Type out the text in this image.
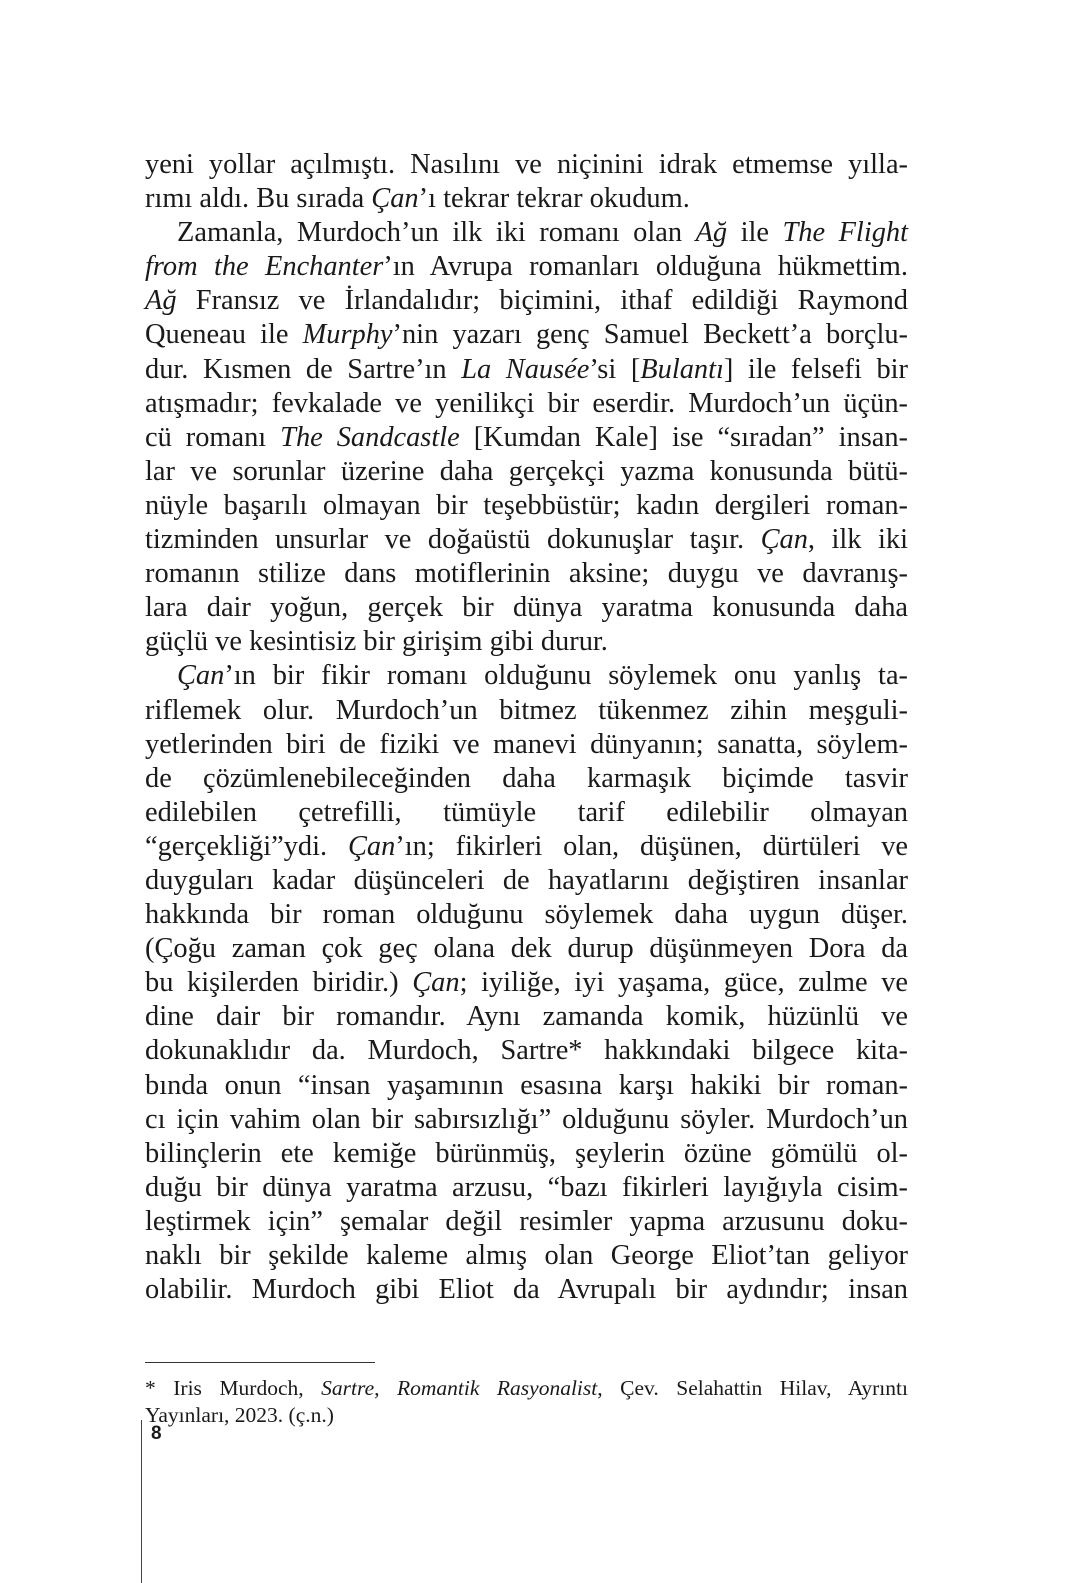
yeni yollar açılmıştı. Nasılını ve niçinini idrak etmemse yılla-
rımı aldı. Bu sırada Çan’ı tekrar tekrar okudum.
Zamanla, Murdoch’un ilk iki romanı olan Ağ ile The Flight
from the Enchanter’ın Avrupa romanları olduğuna hükmettim.
Ağ Fransız ve İrlandalıdır; biçimini, ithaf edildiği Raymond
Queneau ile Murphy’nin yazarı genç Samuel Beckett’a borçlu-
dur. Kısmen de Sartre’ın La Nausée’si [Bulantı] ile felsefi bir
atışmadır; fevkalade ve yenilikçi bir eserdir. Murdoch’un üçün-
cü romanı The Sandcastle [Kumdan Kale] ise “sıradan” insan-
lar ve sorunlar üzerine daha gerçekçi yazma konusunda bütü-
nüyle başarılı olmayan bir teşebbüstür; kadın dergileri roman-
tizminden unsurlar ve doğaüstü dokunuşlar taşır. Çan, ilk iki
romanın stilize dans motiflerinin aksine; duygu ve davranış-
lara dair yoğun, gerçek bir dünya yaratma konusunda daha
güçlü ve kesintisiz bir girişim gibi durur.
Çan’ın bir fikir romanı olduğunu söylemek onu yanlış ta-
riflemek olur. Murdoch’un bitmez tükenmez zihin meşguli-
yetlerinden biri de fiziki ve manevi dünyanın; sanatta, söylem-
de çözümlenebileceğinden daha karmaşık biçimde tasvir
edilebilen çetrefilli, tümüyle tarif edilebilir olmayan
“gerçekliği”ydi. Çan’ın; fikirleri olan, düşünen, dürtüleri ve
duyguları kadar düşünceleri de hayatlarını değiştiren insanlar
hakkında bir roman olduğunu söylemek daha uygun düşer.
(Çoğu zaman çok geç olana dek durup düşünmeyen Dora da
bu kişilerden biridir.) Çan; iyiliğe, iyi yaşama, güce, zulme ve
dine dair bir romandır. Aynı zamanda komik, hüzünlü ve
dokunaklıdır da. Murdoch, Sartre* hakkındaki bilgece kita-
bında onun “insan yaşamının esasına karşı hakiki bir roman-
cı için vahim olan bir sabırsızlığı” olduğunu söyler. Murdoch’un
bilinçlerin ete kemiğe bürünmüş, şeylerin özüne gömülü ol-
duğu bir dünya yaratma arzusu, “bazı fikirleri layığıyla cisim-
leştirmek için” şemalar değil resimler yapma arzusunu doku-
naklı bir şekilde kaleme almış olan George Eliot’tan geliyor
olabilir. Murdoch gibi Eliot da Avrupalı bir aydındır; insan
* Iris Murdoch, Sartre, Romantik Rasyonalist, Çev. Selahattin Hilav, Ayrıntı
Yayınları, 2023. (ç.n.)
8
